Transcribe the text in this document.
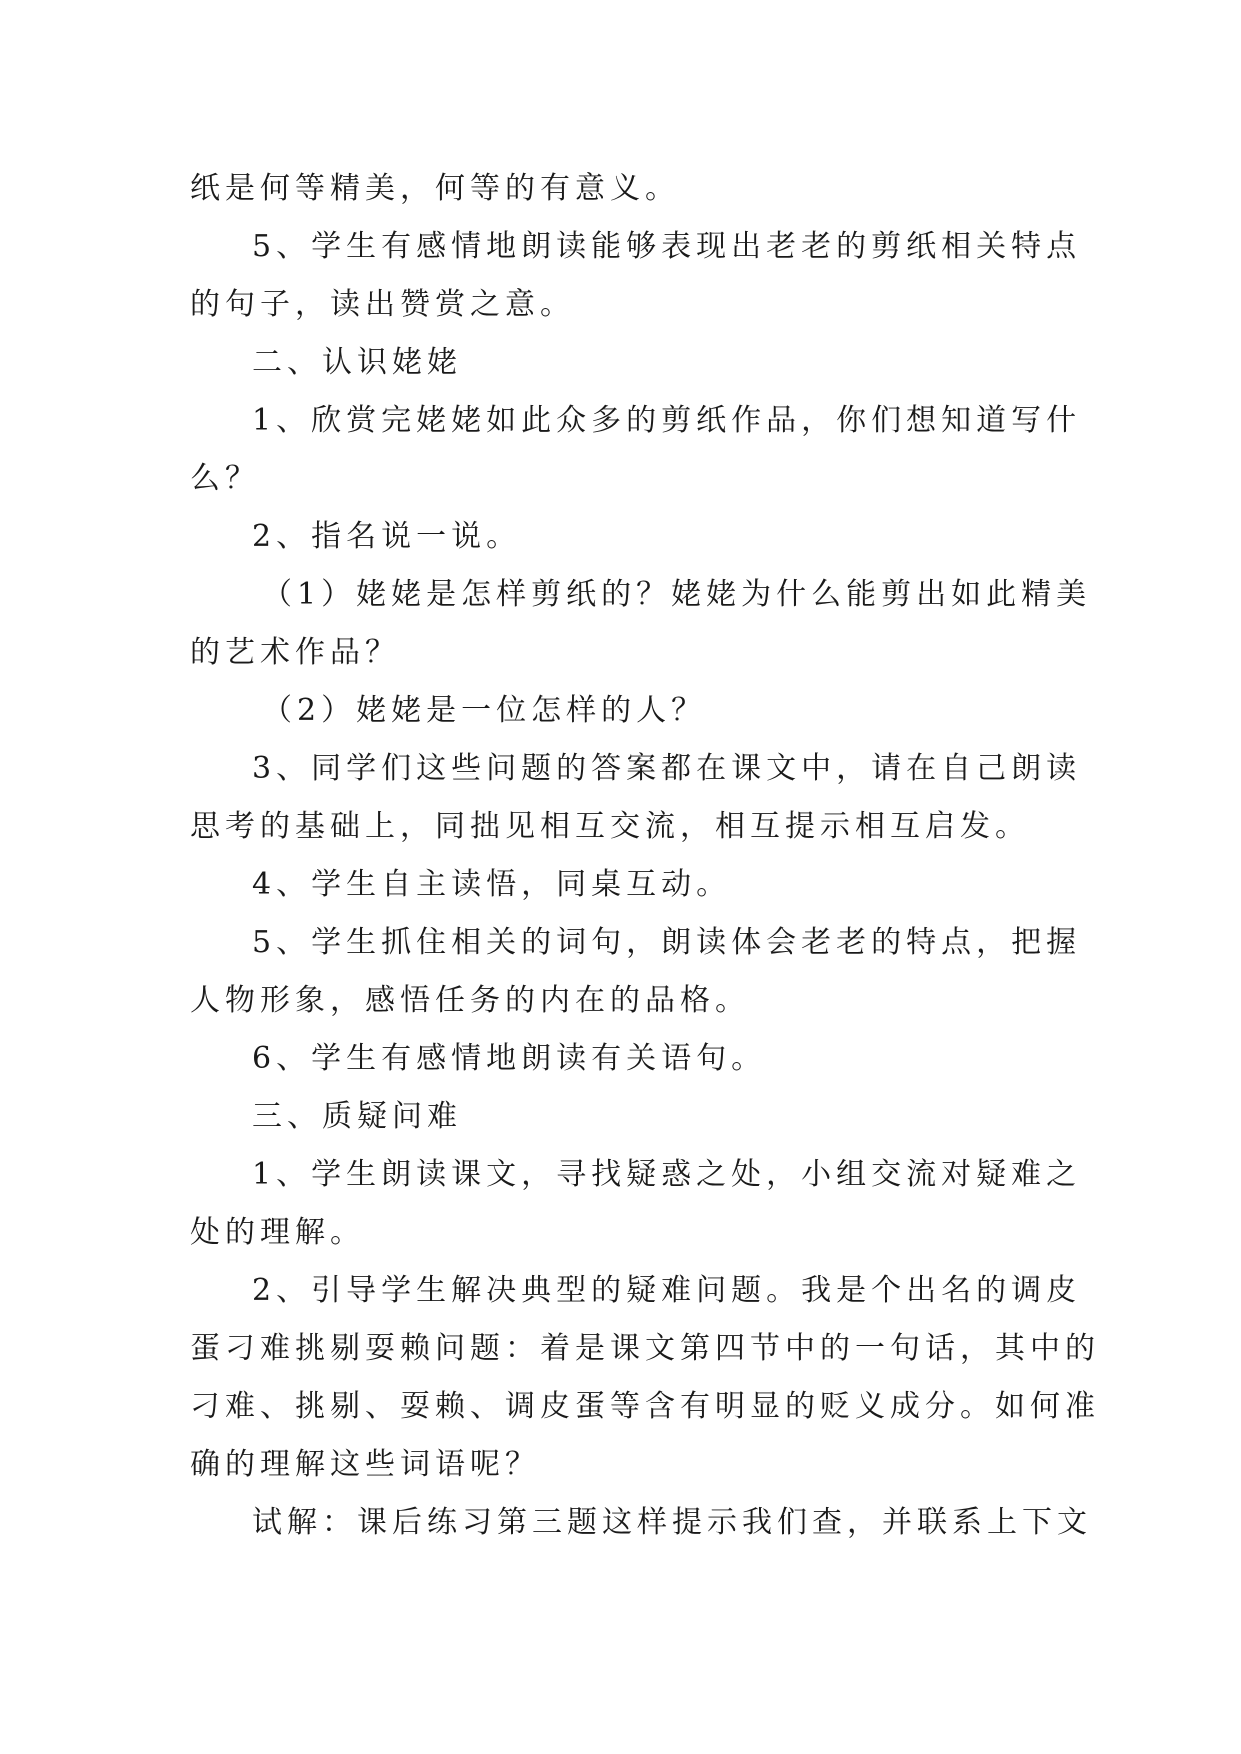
纸是何等精美，何等的有意义。
5、学生有感情地朗读能够表现出老老的剪纸相关特点
的句子，读出赞赏之意。
二、认识姥姥
1、欣赏完姥姥如此众多的剪纸作品，你们想知道写什
么？
2、指名说一说。
（1）姥姥是怎样剪纸的？姥姥为什么能剪出如此精美
的艺术作品？
（2）姥姥是一位怎样的人？
3、同学们这些问题的答案都在课文中，请在自己朗读
思考的基础上，同拙见相互交流，相互提示相互启发。
4、学生自主读悟，同桌互动。
5、学生抓住相关的词句，朗读体会老老的特点，把握
人物形象，感悟任务的内在的品格。
6、学生有感情地朗读有关语句。
三、质疑问难
1、学生朗读课文，寻找疑惑之处，小组交流对疑难之
处的理解。
2、引导学生解决典型的疑难问题。我是个出名的调皮
蛋刁难挑剔耍赖问题：着是课文第四节中的一句话，其中的
刁难、挑剔、耍赖、调皮蛋等含有明显的贬义成分。如何准
确的理解这些词语呢？
试解：课后练习第三题这样提示我们查，并联系上下文
